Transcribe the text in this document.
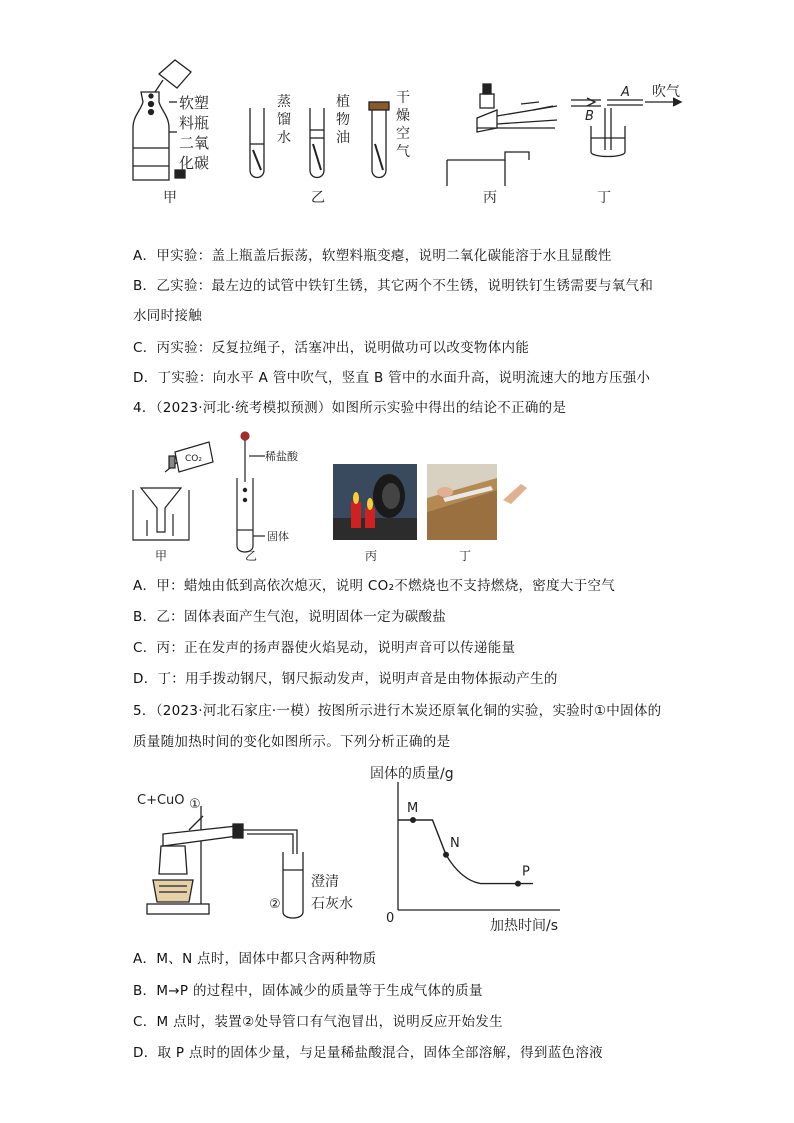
软塑
料瓶
二氧
化碳
蒸
馏
水
植
物
油
干
燥
空
气
A
B
吹气
甲	乙	丙	丁
A．甲实验：盖上瓶盖后振荡，软塑料瓶变瘪，说明二氧化碳能溶于水且显酸性
B．乙实验：最左边的试管中铁钉生锈，其它两个不生锈，说明铁钉生锈需要与氧气和
水同时接触
C．丙实验：反复拉绳子，活塞冲出，说明做功可以改变物体内能
D．丁实验：向水平 A 管中吹气，竖直 B 管中的水面升高，说明流速大的地方压强小
4．（2023·河北·统考模拟预测）如图所示实验中得出的结论不正确的是
CO₂	稀盐酸
固体
甲	乙	丙	丁
A．甲：蜡烛由低到高依次熄灭，说明 CO₂不燃烧也不支持燃烧，密度大于空气
B．乙：固体表面产生气泡，说明固体一定为碳酸盐
C．丙：正在发声的扬声器使火焰晃动，说明声音可以传递能量
D．丁：用手拨动钢尺，钢尺振动发声，说明声音是由物体振动产生的
5．（2023·河北石家庄·一模）按图所示进行木炭还原氧化铜的实验，实验时①中固体的
质量随加热时间的变化如图所示。下列分析正确的是
C+CuO ①
②
澄清
石灰水
固体的质量/g
加热时间/s
0
M
N
P
A．M、N 点时，固体中都只含两种物质
B．M→P 的过程中，固体减少的质量等于生成气体的质量
C．M 点时，装置②处导管口有气泡冒出，说明反应开始发生
D．取 P 点时的固体少量，与足量稀盐酸混合，固体全部溶解，得到蓝色溶液
